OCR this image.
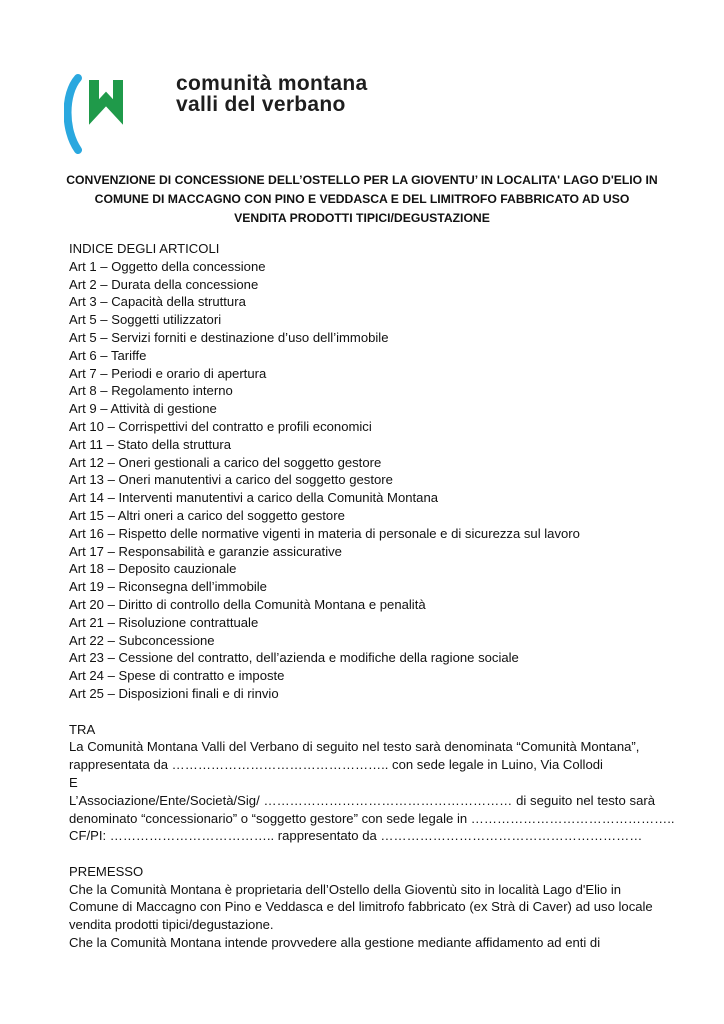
comunità montana
valli del verbano
CONVENZIONE DI CONCESSIONE DELL’OSTELLO PER LA GIOVENTU’ IN LOCALITA' LAGO D'ELIO IN
COMUNE DI MACCAGNO CON PINO E VEDDASCA E DEL LIMITROFO FABBRICATO AD USO
VENDITA PRODOTTI TIPICI/DEGUSTAZIONE
INDICE DEGLI ARTICOLI
Art 1 – Oggetto della concessione
Art 2 – Durata della concessione
Art 3 – Capacità della struttura
Art 5 – Soggetti utilizzatori
Art 5 – Servizi forniti e destinazione d’uso dell’immobile
Art 6 – Tariffe
Art 7 – Periodi e orario di apertura
Art 8 – Regolamento interno
Art 9 – Attività di gestione
Art 10 – Corrispettivi del contratto e profili economici
Art 11 – Stato della struttura
Art 12 – Oneri gestionali a carico del soggetto gestore
Art 13 – Oneri manutentivi a carico del soggetto gestore
Art 14 – Interventi manutentivi a carico della Comunità Montana
Art 15 – Altri oneri a carico del soggetto gestore
Art 16 – Rispetto delle normative vigenti in materia di personale e di sicurezza sul lavoro
Art 17 – Responsabilità e garanzie assicurative
Art 18 – Deposito cauzionale
Art 19 – Riconsegna dell’immobile
Art 20 – Diritto di controllo della Comunità Montana e penalità
Art 21 – Risoluzione contrattuale
Art 22 – Subconcessione
Art 23 – Cessione del contratto, dell’azienda e modifiche della ragione sociale
Art 24 – Spese di contratto e imposte
Art 25 – Disposizioni finali e di rinvio
TRA
La Comunità Montana Valli del Verbano di seguito nel testo sarà denominata “Comunità Montana”,
rappresentata da ………………………………………….. con sede legale in Luino, Via Collodi
E
L’Associazione/Ente/Società/Sig/ ………………………………………………… di seguito nel testo sarà
denominato “concessionario” o “soggetto gestore” con sede legale in ………………………………………..
CF/PI: ……………………………….. rappresentato da ……………………………………………………
PREMESSO
Che la Comunità Montana è proprietaria dell’Ostello della Gioventù sito in località Lago d'Elio in
Comune di Maccagno con Pino e Veddasca e del limitrofo fabbricato (ex Strà di Caver) ad uso locale
vendita prodotti tipici/degustazione.
Che la Comunità Montana intende provvedere alla gestione mediante affidamento ad enti di
